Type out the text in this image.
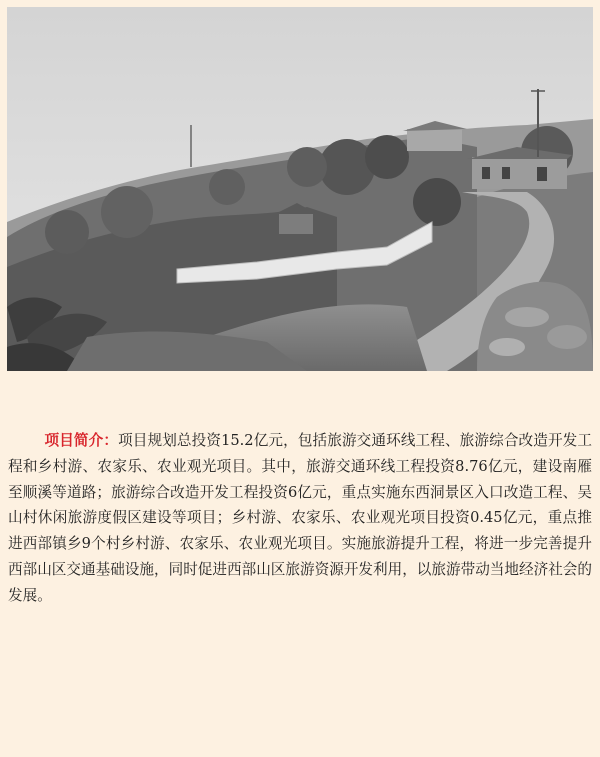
项目简介：项目规划总投资15.2亿元，包括旅游交通环线工程、旅游综合改造开发工程和乡村游、农家乐、农业观光项目。其中，旅游交通环线工程投资8.76亿元，建设南雁至顺溪等道路；旅游综合改造开发工程投资6亿元，重点实施东西洞景区入口改造工程、吴山村休闲旅游度假区建设等项目；乡村游、农家乐、农业观光项目投资0.45亿元，重点推进西部镇乡9个村乡村游、农家乐、农业观光项目。实施旅游提升工程，将进一步完善提升西部山区交通基础设施，同时促进西部山区旅游资源开发利用，以旅游带动当地经济社会的发展。
